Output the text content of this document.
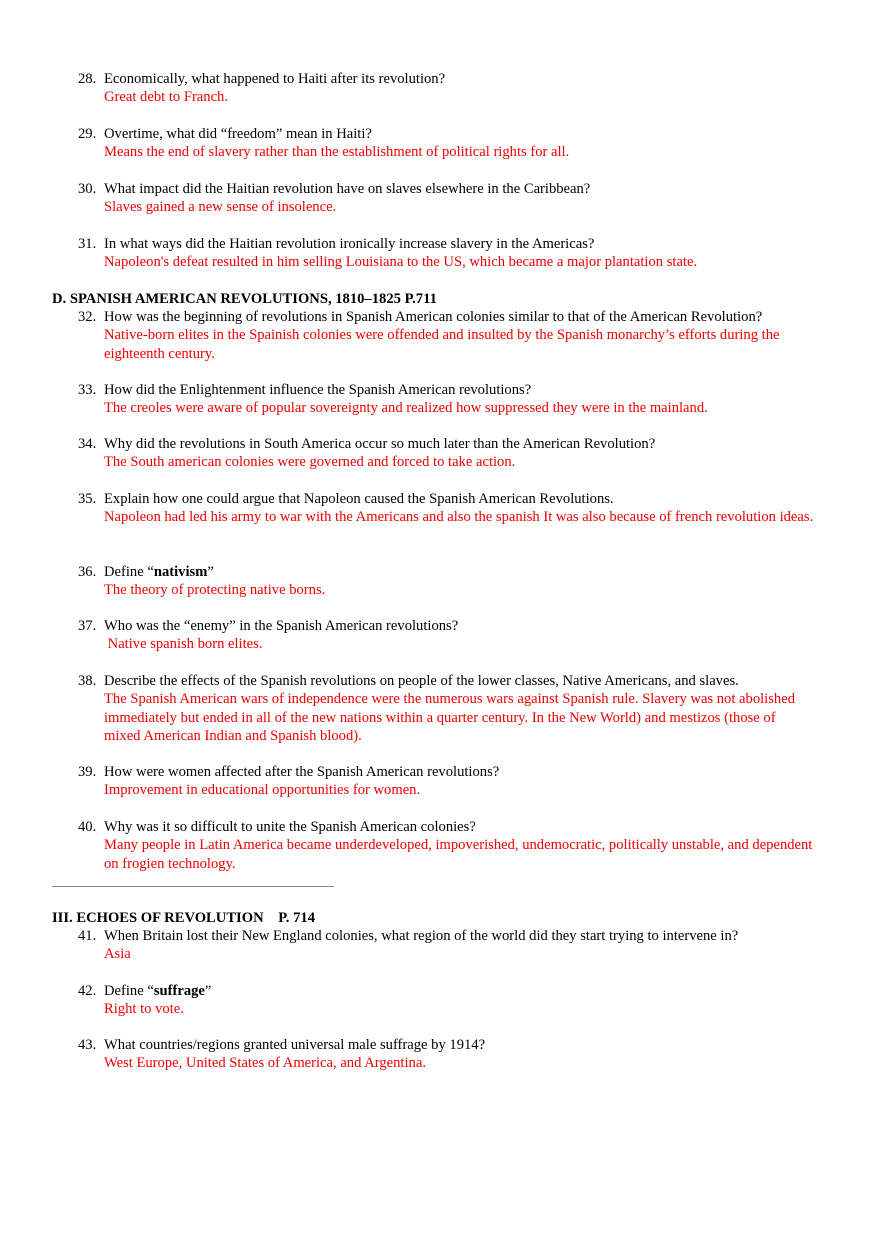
28. Economically, what happened to Haiti after its revolution?
Great debt to Franch.
29. Overtime, what did “freedom” mean in Haiti?
Means the end of slavery rather than the establishment of political rights for all.
30. What impact did the Haitian revolution have on slaves elsewhere in the Caribbean?
Slaves gained a new sense of insolence.
31. In what ways did the Haitian revolution ironically increase slavery in the Americas?
Napoleon's defeat resulted in him selling Louisiana to the US, which became a major plantation state.
D. SPANISH AMERICAN REVOLUTIONS, 1810–1825 P.711
32. How was the beginning of revolutions in Spanish American colonies similar to that of the American Revolution?
Native-born elites in the Spainish colonies were offended and insulted by the Spanish monarchy’s efforts during the eighteenth century.
33. How did the Enlightenment influence the Spanish American revolutions?
The creoles were aware of popular sovereignty and realized how suppressed they were in the mainland.
34. Why did the revolutions in South America occur so much later than the American Revolution?
The South american colonies were governed and forced to take action.
35. Explain how one could argue that Napoleon caused the Spanish American Revolutions.
Napoleon had led his army to war with the Americans and also the spanish It was also because of french revolution ideas.
36. Define “nativism”
The theory of protecting native borns.
37. Who was the “enemy” in the Spanish American revolutions?
Native spanish born elites.
38. Describe the effects of the Spanish revolutions on people of the lower classes, Native Americans, and slaves.
The Spanish American wars of independence were the numerous wars against Spanish rule. Slavery was not abolished immediately but ended in all of the new nations within a quarter century. In the New World) and mestizos (those of mixed American Indian and Spanish blood).
39. How were women affected after the Spanish American revolutions?
Improvement in educational opportunities for women.
40. Why was it so difficult to unite the Spanish American colonies?
Many people in Latin America became underdeveloped, impoverished, undemocratic, politically unstable, and dependent on frogien technology.
III. ECHOES OF REVOLUTION    P. 714
41. When Britain lost their New England colonies, what region of the world did they start trying to intervene in?
Asia
42. Define “suffrage”
Right to vote.
43. What countries/regions granted universal male suffrage by 1914?
West Europe, United States of America, and Argentina.
